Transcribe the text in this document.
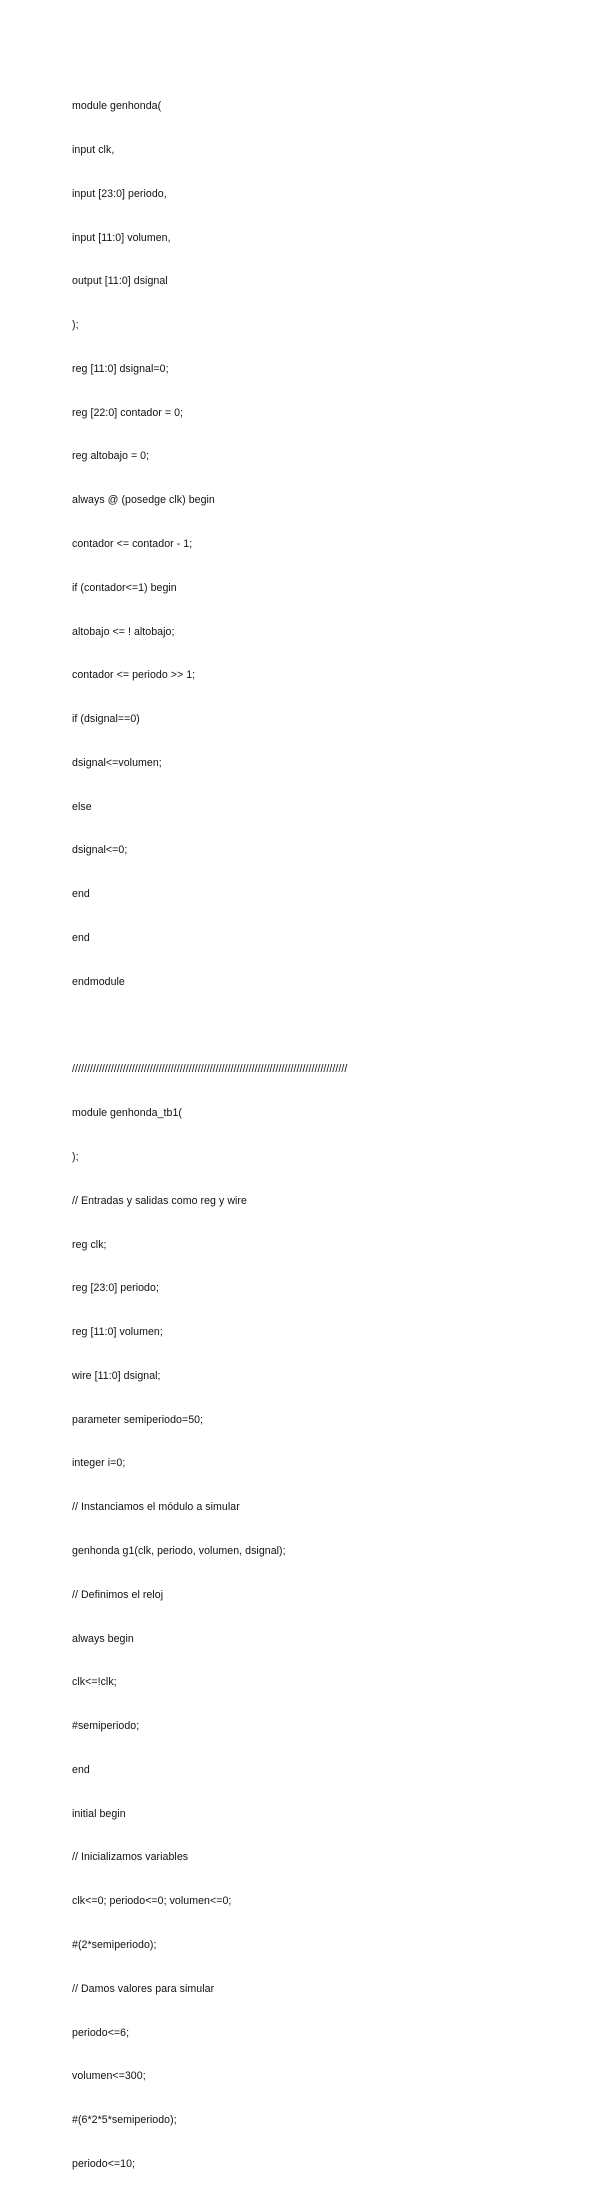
module genhonda(

input clk,

input [23:0] periodo,

input [11:0] volumen,

output [11:0] dsignal

);

reg [11:0] dsignal=0;

reg [22:0] contador = 0;

reg altobajo = 0;

always @ (posedge clk) begin

contador <= contador - 1;

if (contador<=1) begin

altobajo <= ! altobajo;

contador <= periodo >> 1;

if (dsignal==0)

dsignal<=volumen;

else

dsignal<=0;

end

end

endmodule

////////////////////////////////////////////////////////////////////////////////////////////

module genhonda_tb1(

);

// Entradas y salidas como reg y wire

reg clk;

reg [23:0] periodo;

reg [11:0] volumen;

wire [11:0] dsignal;

parameter semiperiodo=50;

integer i=0;

// Instanciamos el módulo a simular

genhonda g1(clk, periodo, volumen, dsignal);

// Definimos el reloj

always begin

clk<=!clk;

#semiperiodo;

end

initial begin

// Inicializamos variables

clk<=0; periodo<=0; volumen<=0;

#(2*semiperiodo);

// Damos valores para simular

periodo<=6;

volumen<=300;

#(6*2*5*semiperiodo);

periodo<=10;
